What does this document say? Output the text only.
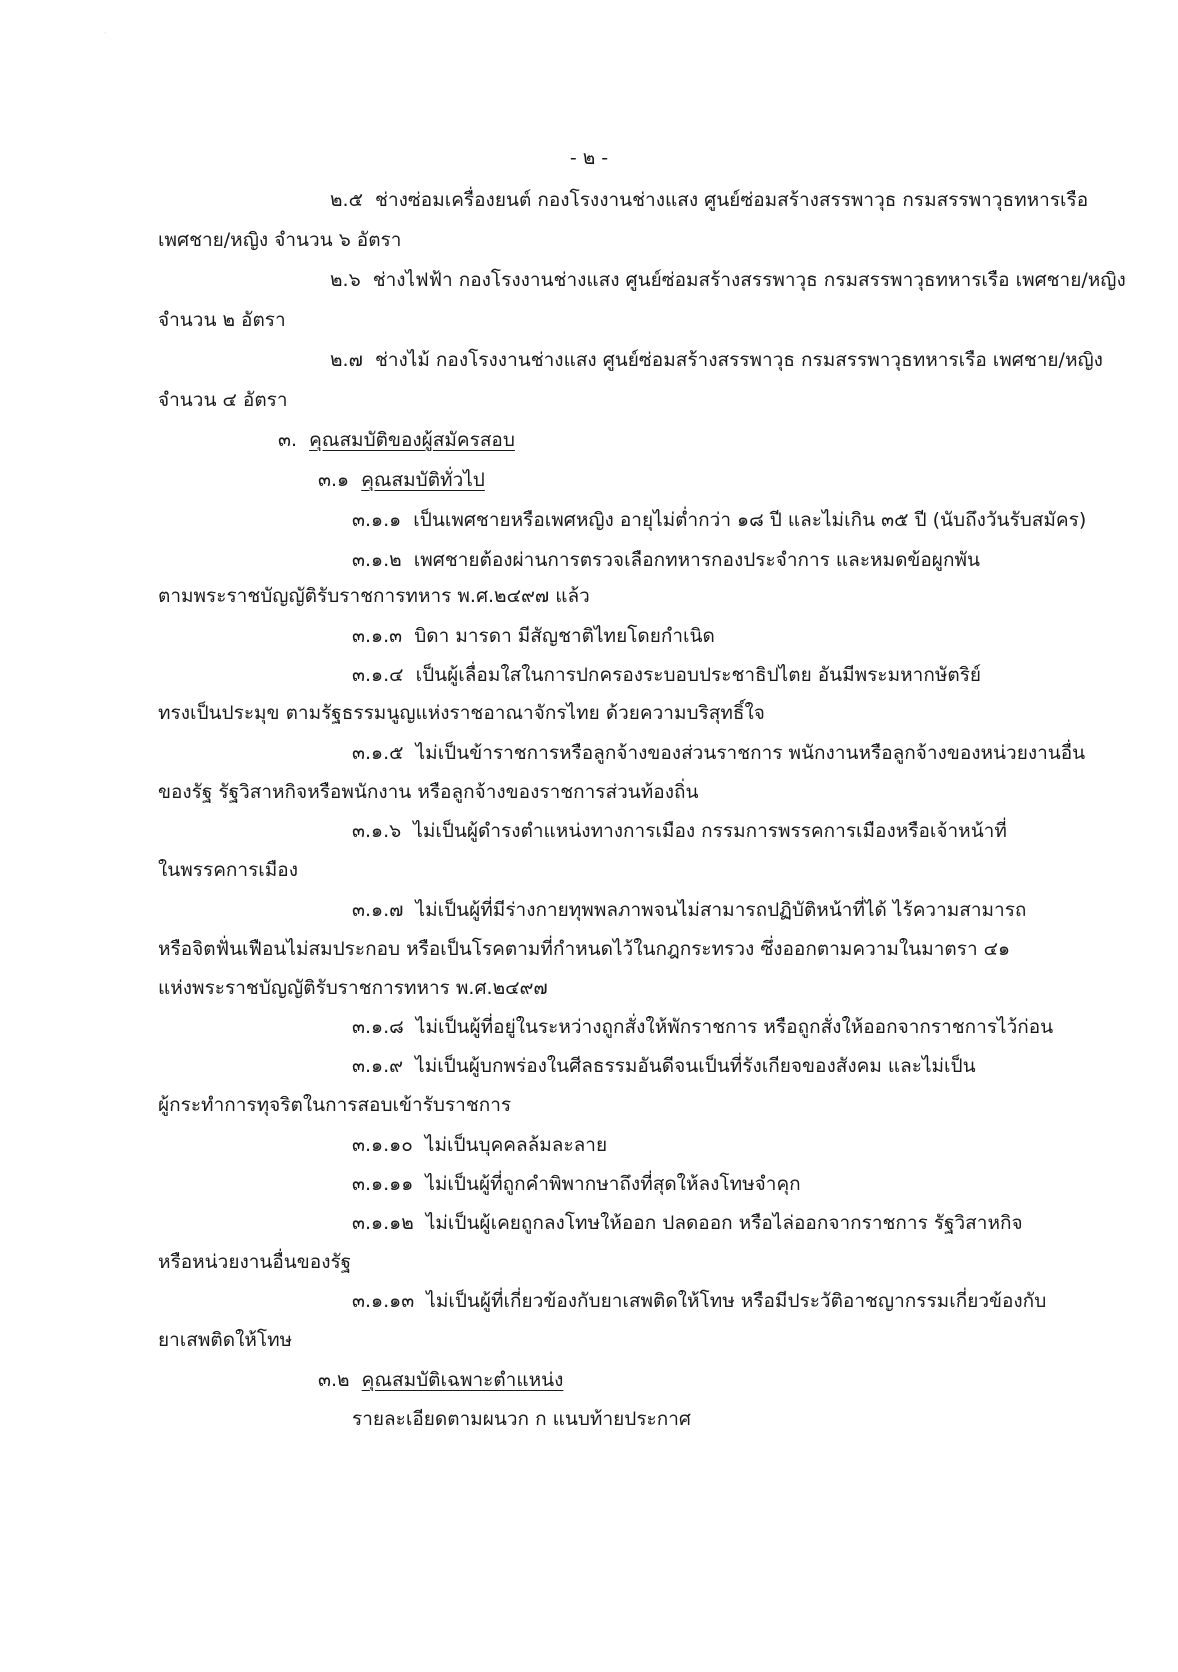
·
- ๒ -
๒.๕ ช่างซ่อมเครื่องยนต์ กองโรงงานช่างแสง ศูนย์ซ่อมสร้างสรรพาวุธ กรมสรรพาวุธทหารเรือ
เพศชาย/หญิง จำนวน ๖ อัตรา
๒.๖ ช่างไฟฟ้า กองโรงงานช่างแสง ศูนย์ซ่อมสร้างสรรพาวุธ กรมสรรพาวุธทหารเรือ เพศชาย/หญิง
จำนวน ๒ อัตรา
๒.๗ ช่างไม้ กองโรงงานช่างแสง ศูนย์ซ่อมสร้างสรรพาวุธ กรมสรรพาวุธทหารเรือ เพศชาย/หญิง
จำนวน ๔ อัตรา
๓. คุณสมบัติของผู้สมัครสอบ
๓.๑ คุณสมบัติทั่วไป
๓.๑.๑ เป็นเพศชายหรือเพศหญิง อายุไม่ต่ำกว่า ๑๘ ปี และไม่เกิน ๓๕ ปี (นับถึงวันรับสมัคร)
๓.๑.๒ เพศชายต้องผ่านการตรวจเลือกทหารกองประจำการ และหมดข้อผูกพัน
ตามพระราชบัญญัติรับราชการทหาร พ.ศ.๒๔๙๗ แล้ว
๓.๑.๓ บิดา มารดา มีสัญชาติไทยโดยกำเนิด
๓.๑.๔ เป็นผู้เลื่อมใสในการปกครองระบอบประชาธิปไตย อันมีพระมหากษัตริย์
ทรงเป็นประมุข ตามรัฐธรรมนูญแห่งราชอาณาจักรไทย ด้วยความบริสุทธิ์ใจ
๓.๑.๕ ไม่เป็นข้าราชการหรือลูกจ้างของส่วนราชการ พนักงานหรือลูกจ้างของหน่วยงานอื่น
ของรัฐ รัฐวิสาหกิจหรือพนักงาน หรือลูกจ้างของราชการส่วนท้องถิ่น
๓.๑.๖ ไม่เป็นผู้ดำรงตำแหน่งทางการเมือง กรรมการพรรคการเมืองหรือเจ้าหน้าที่
ในพรรคการเมือง
๓.๑.๗ ไม่เป็นผู้ที่มีร่างกายทุพพลภาพจนไม่สามารถปฏิบัติหน้าที่ได้ ไร้ความสามารถ
หรือจิตฟั่นเฟือนไม่สมประกอบ หรือเป็นโรคตามที่กำหนดไว้ในกฎกระทรวง ซึ่งออกตามความในมาตรา ๔๑
แห่งพระราชบัญญัติรับราชการทหาร พ.ศ.๒๔๙๗
๓.๑.๘ ไม่เป็นผู้ที่อยู่ในระหว่างถูกสั่งให้พักราชการ หรือถูกสั่งให้ออกจากราชการไว้ก่อน
๓.๑.๙ ไม่เป็นผู้บกพร่องในศีลธรรมอันดีจนเป็นที่รังเกียจของสังคม และไม่เป็น
ผู้กระทำการทุจริตในการสอบเข้ารับราชการ
๓.๑.๑๐ ไม่เป็นบุคคลล้มละลาย
๓.๑.๑๑ ไม่เป็นผู้ที่ถูกคำพิพากษาถึงที่สุดให้ลงโทษจำคุก
๓.๑.๑๒ ไม่เป็นผู้เคยถูกลงโทษให้ออก ปลดออก หรือไล่ออกจากราชการ รัฐวิสาหกิจ
หรือหน่วยงานอื่นของรัฐ
๓.๑.๑๓ ไม่เป็นผู้ที่เกี่ยวข้องกับยาเสพติดให้โทษ หรือมีประวัติอาชญากรรมเกี่ยวข้องกับ
ยาเสพติดให้โทษ
๓.๒ คุณสมบัติเฉพาะตำแหน่ง
รายละเอียดตามผนวก ก แนบท้ายประกาศ
